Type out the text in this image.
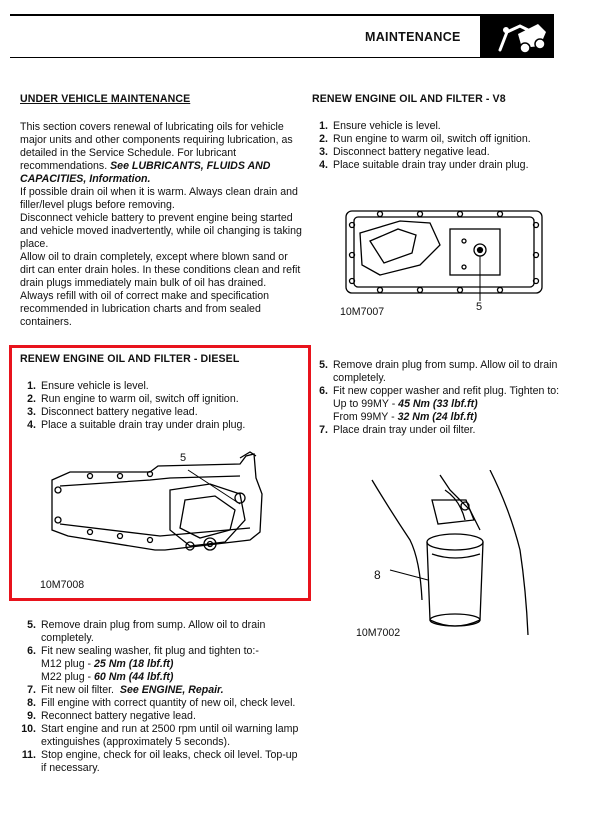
MAINTENANCE
UNDER VEHICLE MAINTENANCE

This section covers renewal of lubricating oils for vehicle major units and other components requiring lubrication, as detailed in the Service Schedule. For lubricant recommendations. See LUBRICANTS, FLUIDS AND CAPACITIES, Information.

If possible drain oil when it is warm. Always clean drain and filler/level plugs before removing.

Disconnect vehicle battery to prevent engine being started and vehicle moved inadvertently, while oil changing is taking place.

Allow oil to drain completely, except where blown sand or dirt can enter drain holes. In these conditions clean and refit drain plugs immediately main bulk of oil has drained.

Always refill with oil of correct make and specification recommended in lubrication charts and from sealed containers.

RENEW ENGINE OIL AND FILTER - DIESEL
1. Ensure vehicle is level.
2. Run engine to warm oil, switch off ignition.
3. Disconnect battery negative lead.
4. Place a suitable drain tray under drain plug.
5
10M7008
5. Remove drain plug from sump. Allow oil to drain completely.
6. Fit new sealing washer, fit plug and tighten to:-
M12 plug - 25 Nm (18 lbf.ft)
M22 plug - 60 Nm (44 lbf.ft)
7. Fit new oil filter. See ENGINE, Repair.
8. Fill engine with correct quantity of new oil, check level.
9. Reconnect battery negative lead.
10. Start engine and run at 2500 rpm until oil warning lamp extinguishes (approximately 5 seconds).
11. Stop engine, check for oil leaks, check oil level. Top-up if necessary.
RENEW ENGINE OIL AND FILTER - V8
1. Ensure vehicle is level.
2. Run engine to warm oil, switch off ignition.
3. Disconnect battery negative lead.
4. Place suitable drain tray under drain plug.
5
10M7007
5. Remove drain plug from sump. Allow oil to drain completely.
6. Fit new copper washer and refit plug. Tighten to:
Up to 99MY - 45 Nm (33 lbf.ft)
From 99MY - 32 Nm (24 lbf.ft)
7. Place drain tray under oil filter.
8
10M7002
